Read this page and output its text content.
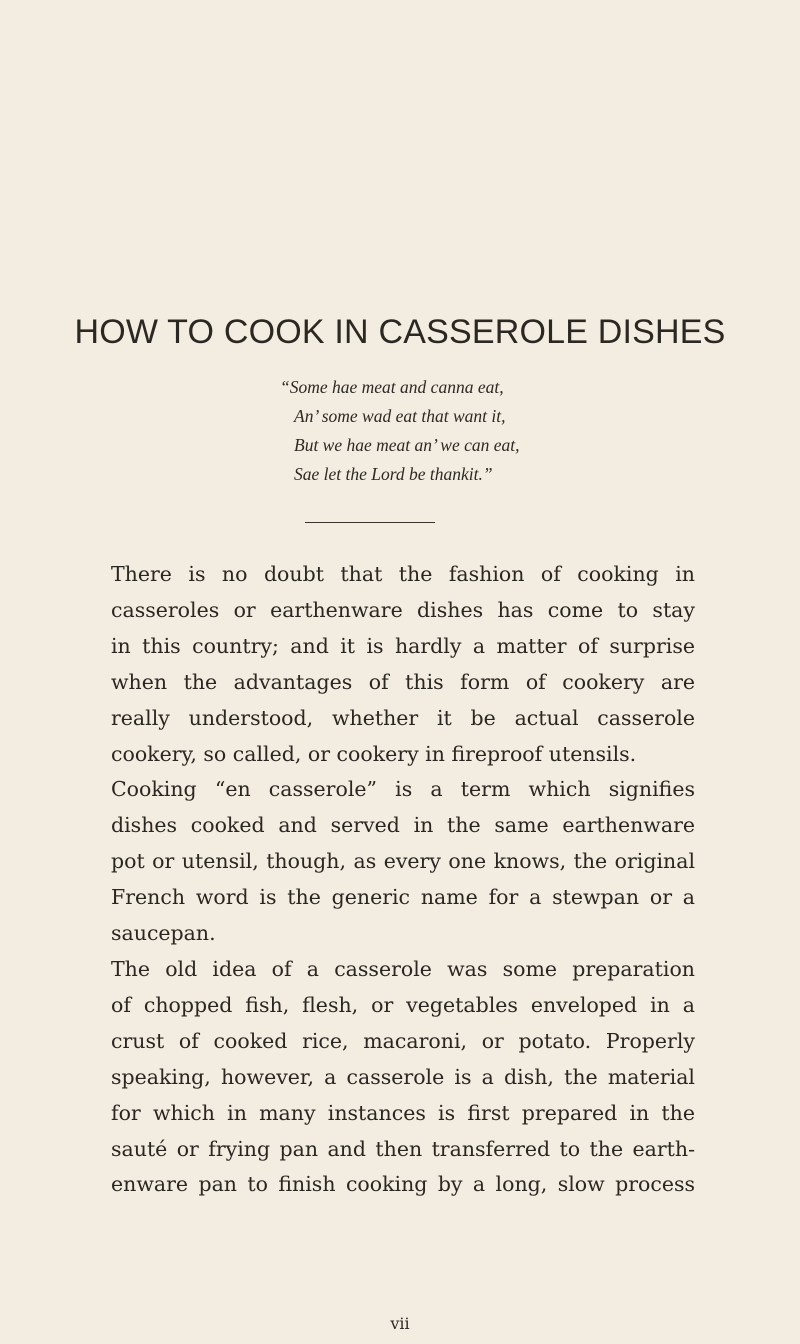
HOW TO COOK IN CASSEROLE DISHES
“Some hae meat and canna eat,
An’ some wad eat that want it,
But we hae meat an’ we can eat,
Sae let the Lord be thankit.”

There is no doubt that the fashion of cooking in
casseroles or earthenware dishes has come to stay
in this country; and it is hardly a matter of surprise
when the advantages of this form of cookery are
really understood, whether it be actual casserole
cookery, so called, or cookery in fireproof utensils.

Cooking “en casserole” is a term which signifies
dishes cooked and served in the same earthenware
pot or utensil, though, as every one knows, the original
French word is the generic name for a stewpan or a
saucepan.

The old idea of a casserole was some preparation
of chopped fish, flesh, or vegetables enveloped in a
crust of cooked rice, macaroni, or potato. Properly
speaking, however, a casserole is a dish, the material
for which in many instances is first prepared in the
sauté or frying pan and then transferred to the earth-
enware pan to finish cooking by a long, slow process

vii
